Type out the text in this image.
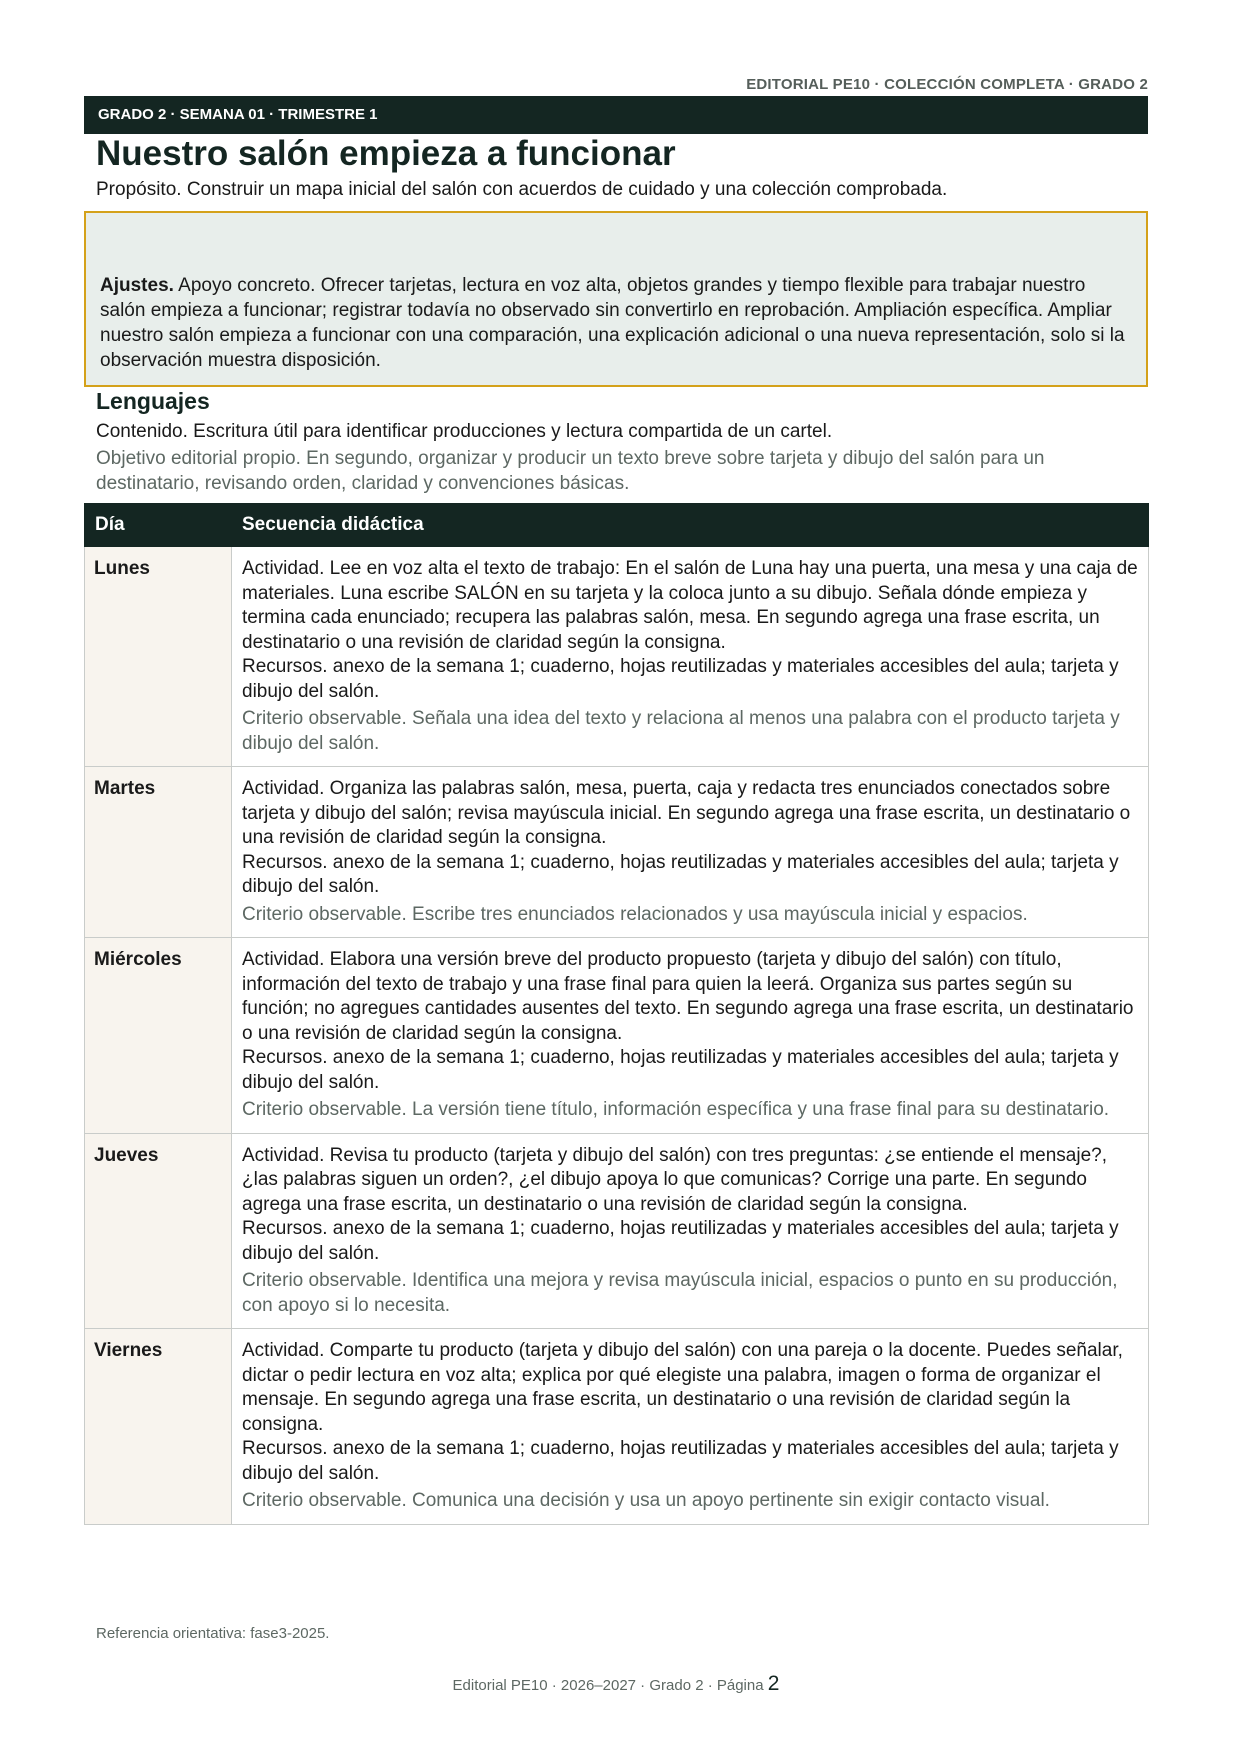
EDITORIAL PE10 · COLECCIÓN COMPLETA · GRADO 2
GRADO 2 · SEMANA 01 · TRIMESTRE 1
Nuestro salón empieza a funcionar
Propósito. Construir un mapa inicial del salón con acuerdos de cuidado y una colección comprobada.
Ajustes. Apoyo concreto. Ofrecer tarjetas, lectura en voz alta, objetos grandes y tiempo flexible para trabajar nuestro salón empieza a funcionar; registrar todavía no observado sin convertirlo en reprobación. Ampliación específica. Ampliar nuestro salón empieza a funcionar con una comparación, una explicación adicional o una nueva representación, solo si la observación muestra disposición.
Lenguajes
Contenido. Escritura útil para identificar producciones y lectura compartida de un cartel.
Objetivo editorial propio. En segundo, organizar y producir un texto breve sobre tarjeta y dibujo del salón para un destinatario, revisando orden, claridad y convenciones básicas.
Día	Secuencia didáctica
Lunes	Actividad. Lee en voz alta el texto de trabajo: En el salón de Luna hay una puerta, una mesa y una caja de materiales. Luna escribe SALÓN en su tarjeta y la coloca junto a su dibujo. Señala dónde empieza y termina cada enunciado; recupera las palabras salón, mesa. En segundo agrega una frase escrita, un destinatario o una revisión de claridad según la consigna.
Recursos. anexo de la semana 1; cuaderno, hojas reutilizadas y materiales accesibles del aula; tarjeta y dibujo del salón.
Criterio observable. Señala una idea del texto y relaciona al menos una palabra con el producto tarjeta y dibujo del salón.

Martes	Actividad. Organiza las palabras salón, mesa, puerta, caja y redacta tres enunciados conectados sobre tarjeta y dibujo del salón; revisa mayúscula inicial. En segundo agrega una frase escrita, un destinatario o una revisión de claridad según la consigna.
Recursos. anexo de la semana 1; cuaderno, hojas reutilizadas y materiales accesibles del aula; tarjeta y dibujo del salón.
Criterio observable. Escribe tres enunciados relacionados y usa mayúscula inicial y espacios.

Miércoles	Actividad. Elabora una versión breve del producto propuesto (tarjeta y dibujo del salón) con título, información del texto de trabajo y una frase final para quien la leerá. Organiza sus partes según su función; no agregues cantidades ausentes del texto. En segundo agrega una frase escrita, un destinatario o una revisión de claridad según la consigna.
Recursos. anexo de la semana 1; cuaderno, hojas reutilizadas y materiales accesibles del aula; tarjeta y dibujo del salón.
Criterio observable. La versión tiene título, información específica y una frase final para su destinatario.

Jueves	Actividad. Revisa tu producto (tarjeta y dibujo del salón) con tres preguntas: ¿se entiende el mensaje?, ¿las palabras siguen un orden?, ¿el dibujo apoya lo que comunicas? Corrige una parte. En segundo agrega una frase escrita, un destinatario o una revisión de claridad según la consigna.
Recursos. anexo de la semana 1; cuaderno, hojas reutilizadas y materiales accesibles del aula; tarjeta y dibujo del salón.
Criterio observable. Identifica una mejora y revisa mayúscula inicial, espacios o punto en su producción, con apoyo si lo necesita.

Viernes	Actividad. Comparte tu producto (tarjeta y dibujo del salón) con una pareja o la docente. Puedes señalar, dictar o pedir lectura en voz alta; explica por qué elegiste una palabra, imagen o forma de organizar el mensaje. En segundo agrega una frase escrita, un destinatario o una revisión de claridad según la consigna.
Recursos. anexo de la semana 1; cuaderno, hojas reutilizadas y materiales accesibles del aula; tarjeta y dibujo del salón.
Criterio observable. Comunica una decisión y usa un apoyo pertinente sin exigir contacto visual.
Referencia orientativa: fase3-2025.
Editorial PE10 · 2026–2027 · Grado 2 · Página 2
